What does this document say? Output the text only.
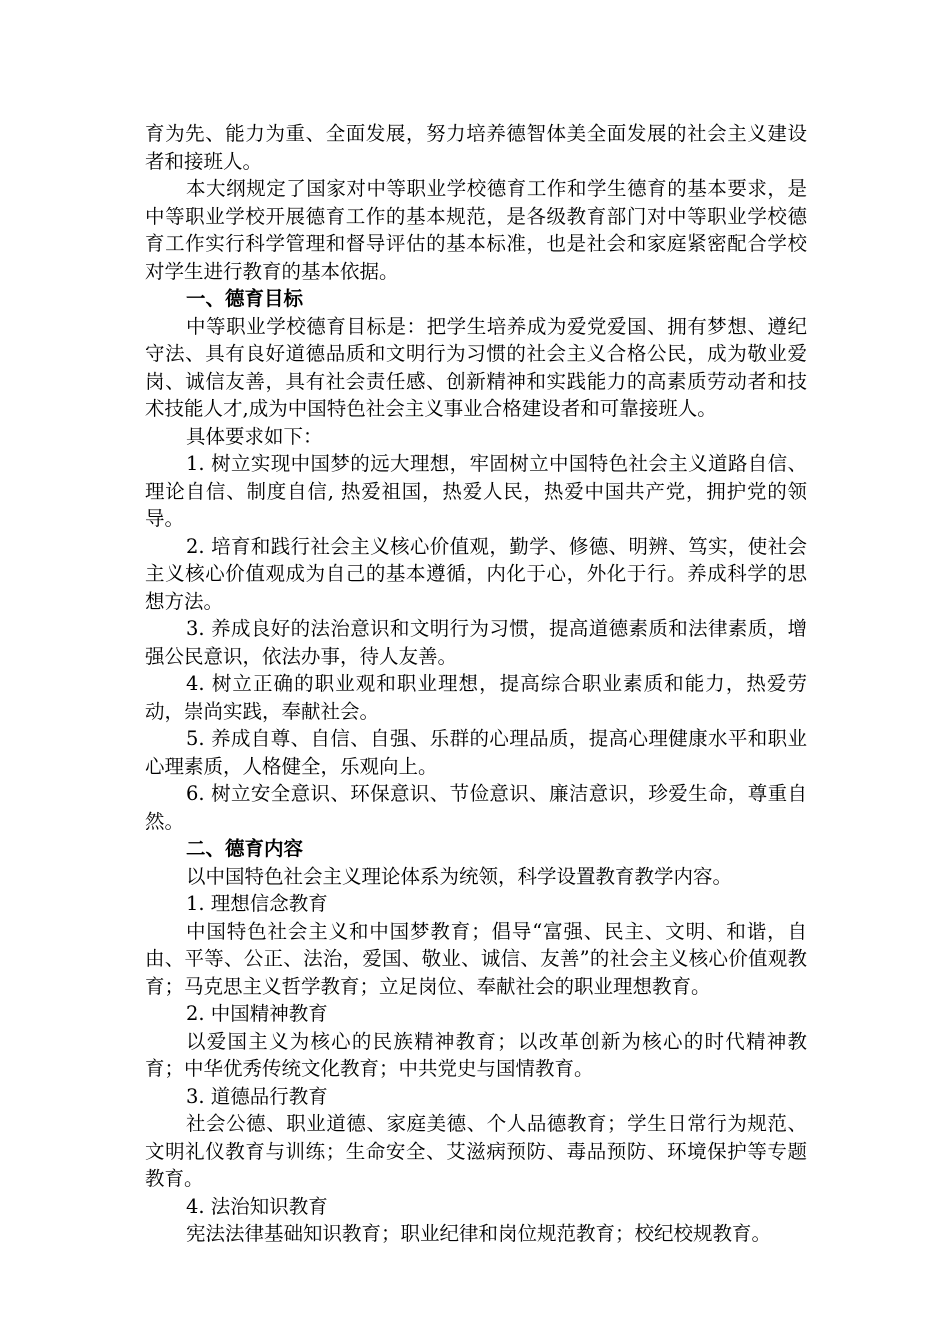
育为先、能力为重、全面发展，努力培养德智体美全面发展的社会主义建设者和接班人。

本大纲规定了国家对中等职业学校德育工作和学生德育的基本要求，是中等职业学校开展德育工作的基本规范，是各级教育部门对中等职业学校德育工作实行科学管理和督导评估的基本标准，也是社会和家庭紧密配合学校对学生进行教育的基本依据。

一、德育目标

中等职业学校德育目标是：把学生培养成为爱党爱国、拥有梦想、遵纪守法、具有良好道德品质和文明行为习惯的社会主义合格公民，成为敬业爱岗、诚信友善，具有社会责任感、创新精神和实践能力的高素质劳动者和技术技能人才,成为中国特色社会主义事业合格建设者和可靠接班人。

具体要求如下：

1. 树立实现中国梦的远大理想，牢固树立中国特色社会主义道路自信、理论自信、制度自信, 热爱祖国，热爱人民，热爱中国共产党，拥护党的领导。

2. 培育和践行社会主义核心价值观，勤学、修德、明辨、笃实，使社会主义核心价值观成为自己的基本遵循，内化于心，外化于行。养成科学的思想方法。

3. 养成良好的法治意识和文明行为习惯，提高道德素质和法律素质，增强公民意识，依法办事，待人友善。

4. 树立正确的职业观和职业理想，提高综合职业素质和能力，热爱劳动，崇尚实践，奉献社会。

5. 养成自尊、自信、自强、乐群的心理品质，提高心理健康水平和职业心理素质，人格健全，乐观向上。

6. 树立安全意识、环保意识、节俭意识、廉洁意识，珍爱生命，尊重自然。

二、德育内容

以中国特色社会主义理论体系为统领，科学设置教育教学内容。

1. 理想信念教育

中国特色社会主义和中国梦教育；倡导“富强、民主、文明、和谐，自由、平等、公正、法治，爱国、敬业、诚信、友善”的社会主义核心价值观教育；马克思主义哲学教育；立足岗位、奉献社会的职业理想教育。

2. 中国精神教育

以爱国主义为核心的民族精神教育；以改革创新为核心的时代精神教育；中华优秀传统文化教育；中共党史与国情教育。

3. 道德品行教育

社会公德、职业道德、家庭美德、个人品德教育；学生日常行为规范、文明礼仪教育与训练；生命安全、艾滋病预防、毒品预防、环境保护等专题教育。

4. 法治知识教育

宪法法律基础知识教育；职业纪律和岗位规范教育；校纪校规教育。
